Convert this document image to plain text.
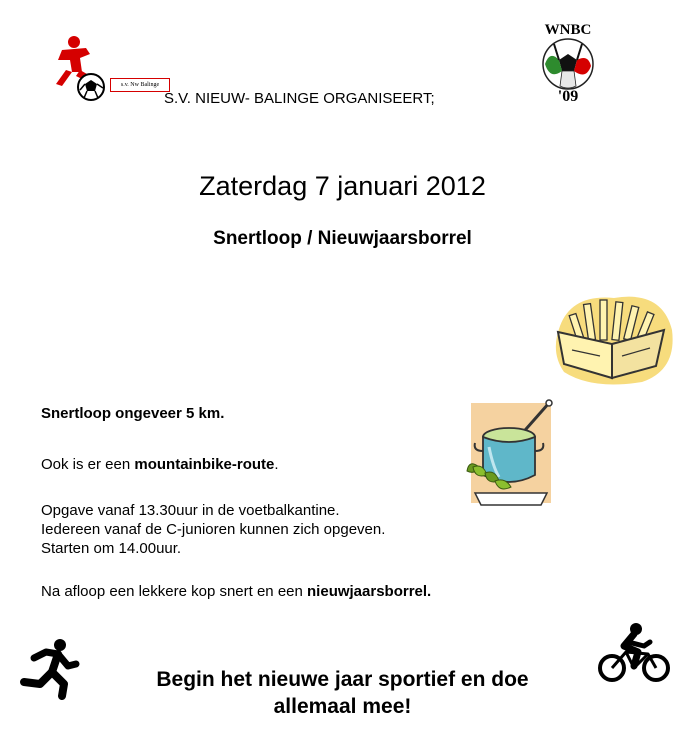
s.v. Nw Balinge
S.V. NIEUW- BALINGE ORGANISEERT;
WNBC
'09
Zaterdag 7 januari 2012
Snertloop / Nieuwjaarsborrel
Snertloop ongeveer 5 km.
Ook is er een mountainbike-route.
Opgave vanaf 13.30uur in de voetbalkantine.
Iedereen vanaf de C-junioren kunnen zich opgeven.
Starten om 14.00uur.
Na afloop een lekkere kop snert en een nieuwjaarsborrel.
Begin het nieuwe jaar sportief en doe
allemaal mee!
